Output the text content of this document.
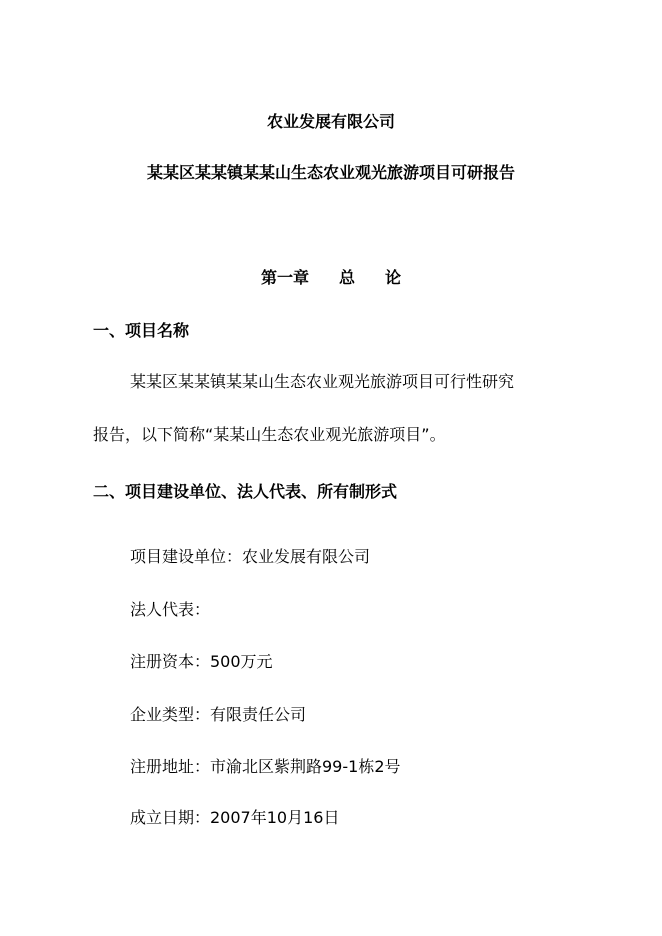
农业发展有限公司
某某区某某镇某某山生态农业观光旅游项目可研报告
第一章 总 论
一、项目名称
某某区某某镇某某山生态农业观光旅游项目可行性研究
报告，以下简称“某某山生态农业观光旅游项目”。
二、项目建设单位、法人代表、所有制形式
项目建设单位：农业发展有限公司
法人代表：
注册资本：500万元
企业类型：有限责任公司
注册地址：市渝北区紫荆路99-1栋2号
成立日期：2007年10月16日
